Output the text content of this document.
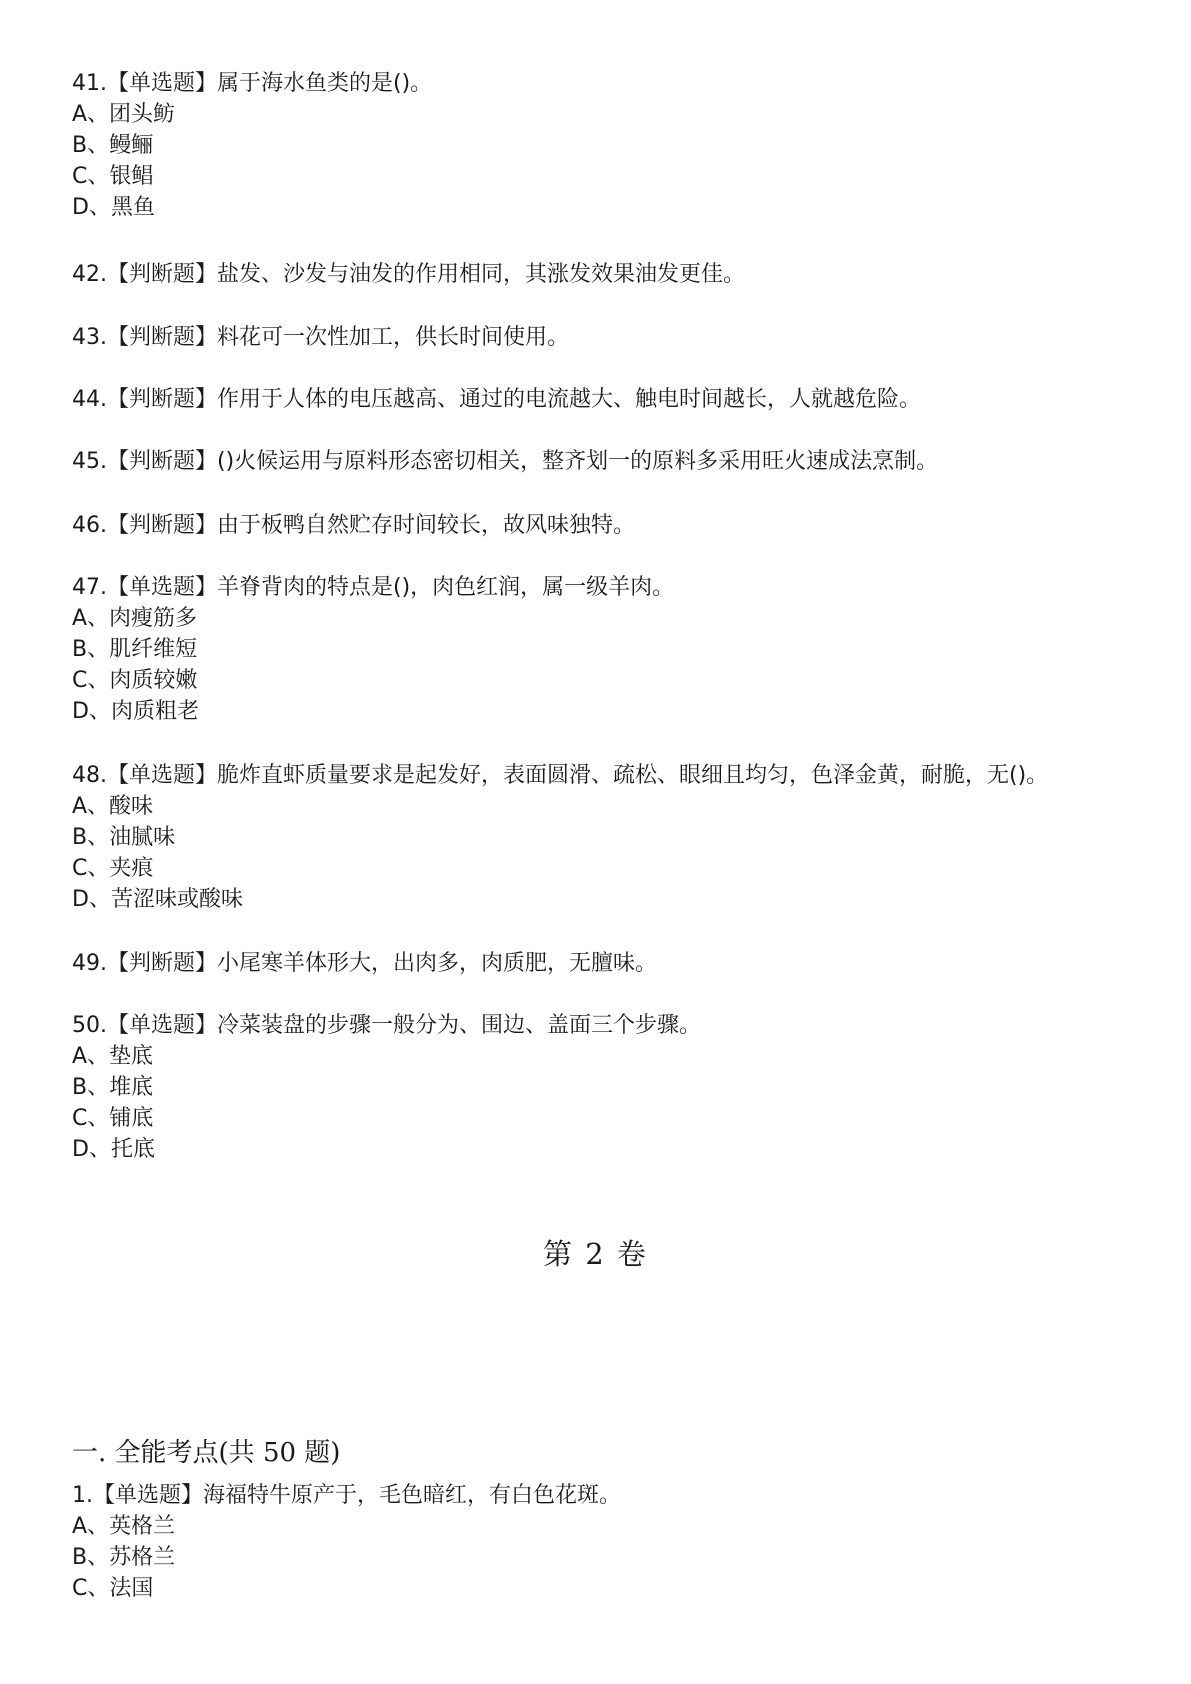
41.【单选题】属于海水鱼类的是()。
A、团头鲂
B、鳗鲡
C、银鲳
D、黑鱼
42.【判断题】盐发、沙发与油发的作用相同，其涨发效果油发更佳。
43.【判断题】料花可一次性加工，供长时间使用。
44.【判断题】作用于人体的电压越高、通过的电流越大、触电时间越长，人就越危险。
45.【判断题】()火候运用与原料形态密切相关，整齐划一的原料多采用旺火速成法烹制。
46.【判断题】由于板鸭自然贮存时间较长，故风味独特。
47.【单选题】羊脊背肉的特点是()，肉色红润，属一级羊肉。
A、肉瘦筋多
B、肌纤维短
C、肉质较嫩
D、肉质粗老
48.【单选题】脆炸直虾质量要求是起发好，表面圆滑、疏松、眼细且均匀，色泽金黄，耐脆，无()。
A、酸味
B、油腻味
C、夹痕
D、苦涩味或酸味
49.【判断题】小尾寒羊体形大，出肉多，肉质肥，无膻味。
50.【单选题】冷菜装盘的步骤一般分为、围边、盖面三个步骤。
A、垫底
B、堆底
C、铺底
D、托底
第 2 卷
一. 全能考点(共 50 题)
1.【单选题】海福特牛原产于，毛色暗红，有白色花斑。
A、英格兰
B、苏格兰
C、法国
